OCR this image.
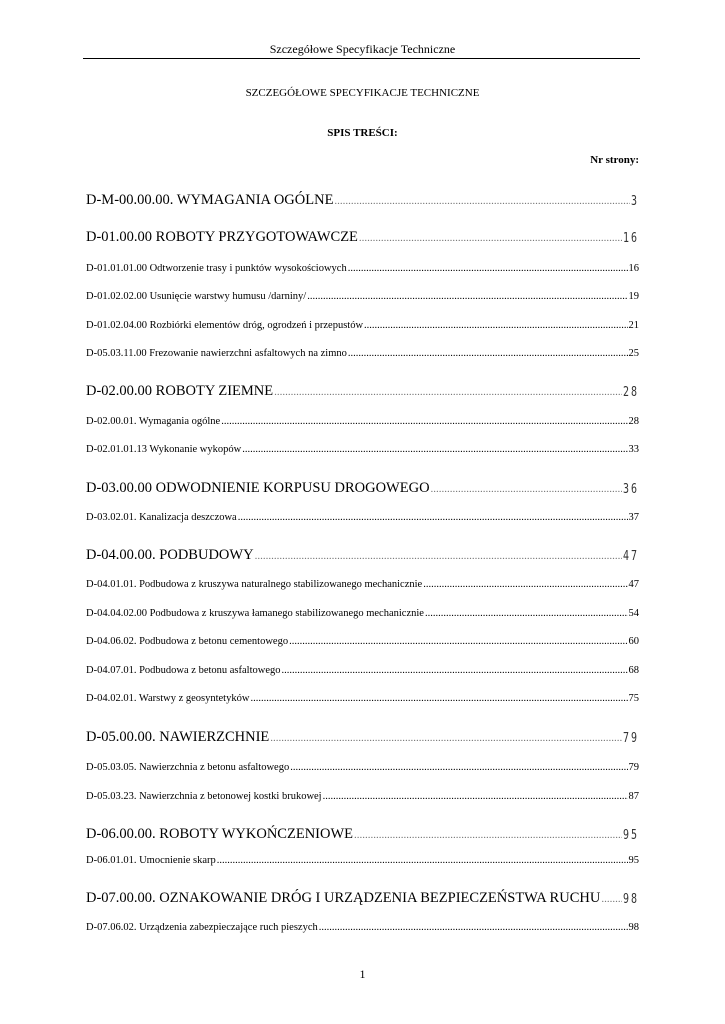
Szczegółowe Specyfikacje Techniczne
SZCZEGÓŁOWE SPECYFIKACJE TECHNICZNE
SPIS TREŚCI:
Nr strony:
D-M-00.00.00. WYMAGANIA OGÓLNE .....	3
D-01.00.00 ROBOTY PRZYGOTOWAWCZE .....	16
D-01.01.01.00 Odtworzenie trasy i punktów wysokościowych .....	16
D-01.02.02.00 Usunięcie warstwy humusu /darniny/ .....	19
D-01.02.04.00 Rozbiórki elementów dróg, ogrodzeń i przepustów .....	21
D-05.03.11.00 Frezowanie nawierzchni asfaltowych na zimno .....	25
D-02.00.00 ROBOTY ZIEMNE .....	28
D-02.00.01. Wymagania ogólne .....	28
D-02.01.01.13 Wykonanie wykopów .....	33
D-03.00.00 ODWODNIENIE KORPUSU DROGOWEGO .....	36
D-03.02.01. Kanalizacja deszczowa .....	37
D-04.00.00. PODBUDOWY .....	47
D-04.01.01. Podbudowa z kruszywa naturalnego stabilizowanego mechanicznie .....	47
D-04.04.02.00 Podbudowa z kruszywa łamanego stabilizowanego mechanicznie .....	54
D-04.06.02. Podbudowa z betonu cementowego .....	60
D-04.07.01. Podbudowa z betonu asfaltowego .....	68
D-04.02.01. Warstwy z geosyntetyków .....	75
D-05.00.00. NAWIERZCHNIE .....	79
D-05.03.05. Nawierzchnia z betonu asfaltowego .....	79
D-05.03.23. Nawierzchnia z betonowej kostki brukowej .....	87
D-06.00.00. ROBOTY WYKOŃCZENIOWE .....	95
D-06.01.01. Umocnienie skarp .....	95
D-07.00.00. OZNAKOWANIE DRÓG I URZĄDZENIA BEZPIECZEŃSTWA RUCHU ..... 98
D-07.06.02. Urządzenia zabezpieczające ruch pieszych .....	98
1
